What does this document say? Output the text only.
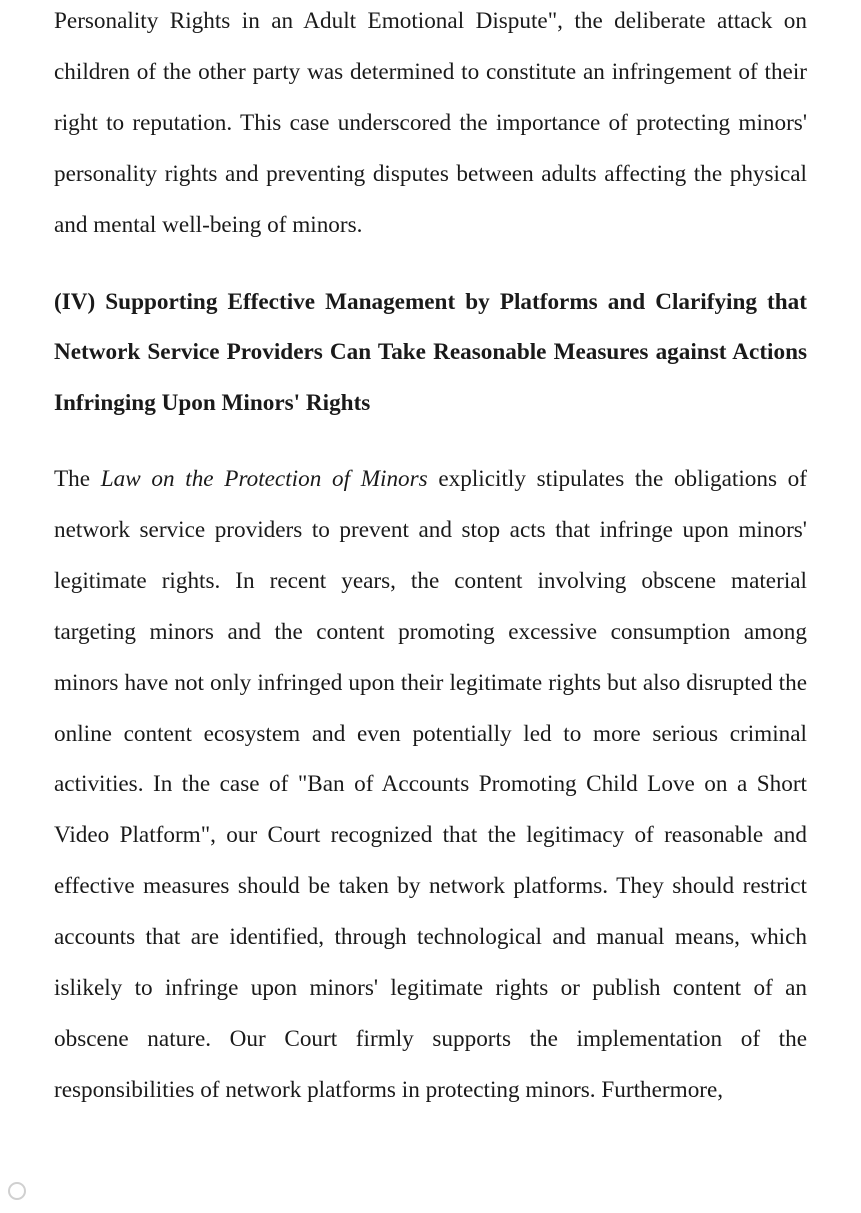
Personality Rights in an Adult Emotional Dispute", the deliberate attack on children of the other party was determined to constitute an infringement of their right to reputation. This case underscored the importance of protecting minors' personality rights and preventing disputes between adults affecting the physical and mental well-being of minors.

(IV) Supporting Effective Management by Platforms and Clarifying that Network Service Providers Can Take Reasonable Measures against Actions Infringing Upon Minors' Rights

The Law on the Protection of Minors explicitly stipulates the obligations of network service providers to prevent and stop acts that infringe upon minors' legitimate rights. In recent years, the content involving obscene material targeting minors and the content promoting excessive consumption among minors have not only infringed upon their legitimate rights but also disrupted the online content ecosystem and even potentially led to more serious criminal activities. In the case of "Ban of Accounts Promoting Child Love on a Short Video Platform", our Court recognized that the legitimacy of reasonable and effective measures should be taken by network platforms. They should restrict accounts that are identified, through technological and manual means, which islikely to infringe upon minors' legitimate rights or publish content of an obscene nature. Our Court firmly supports the implementation of the responsibilities of network platforms in protecting minors. Furthermore,
